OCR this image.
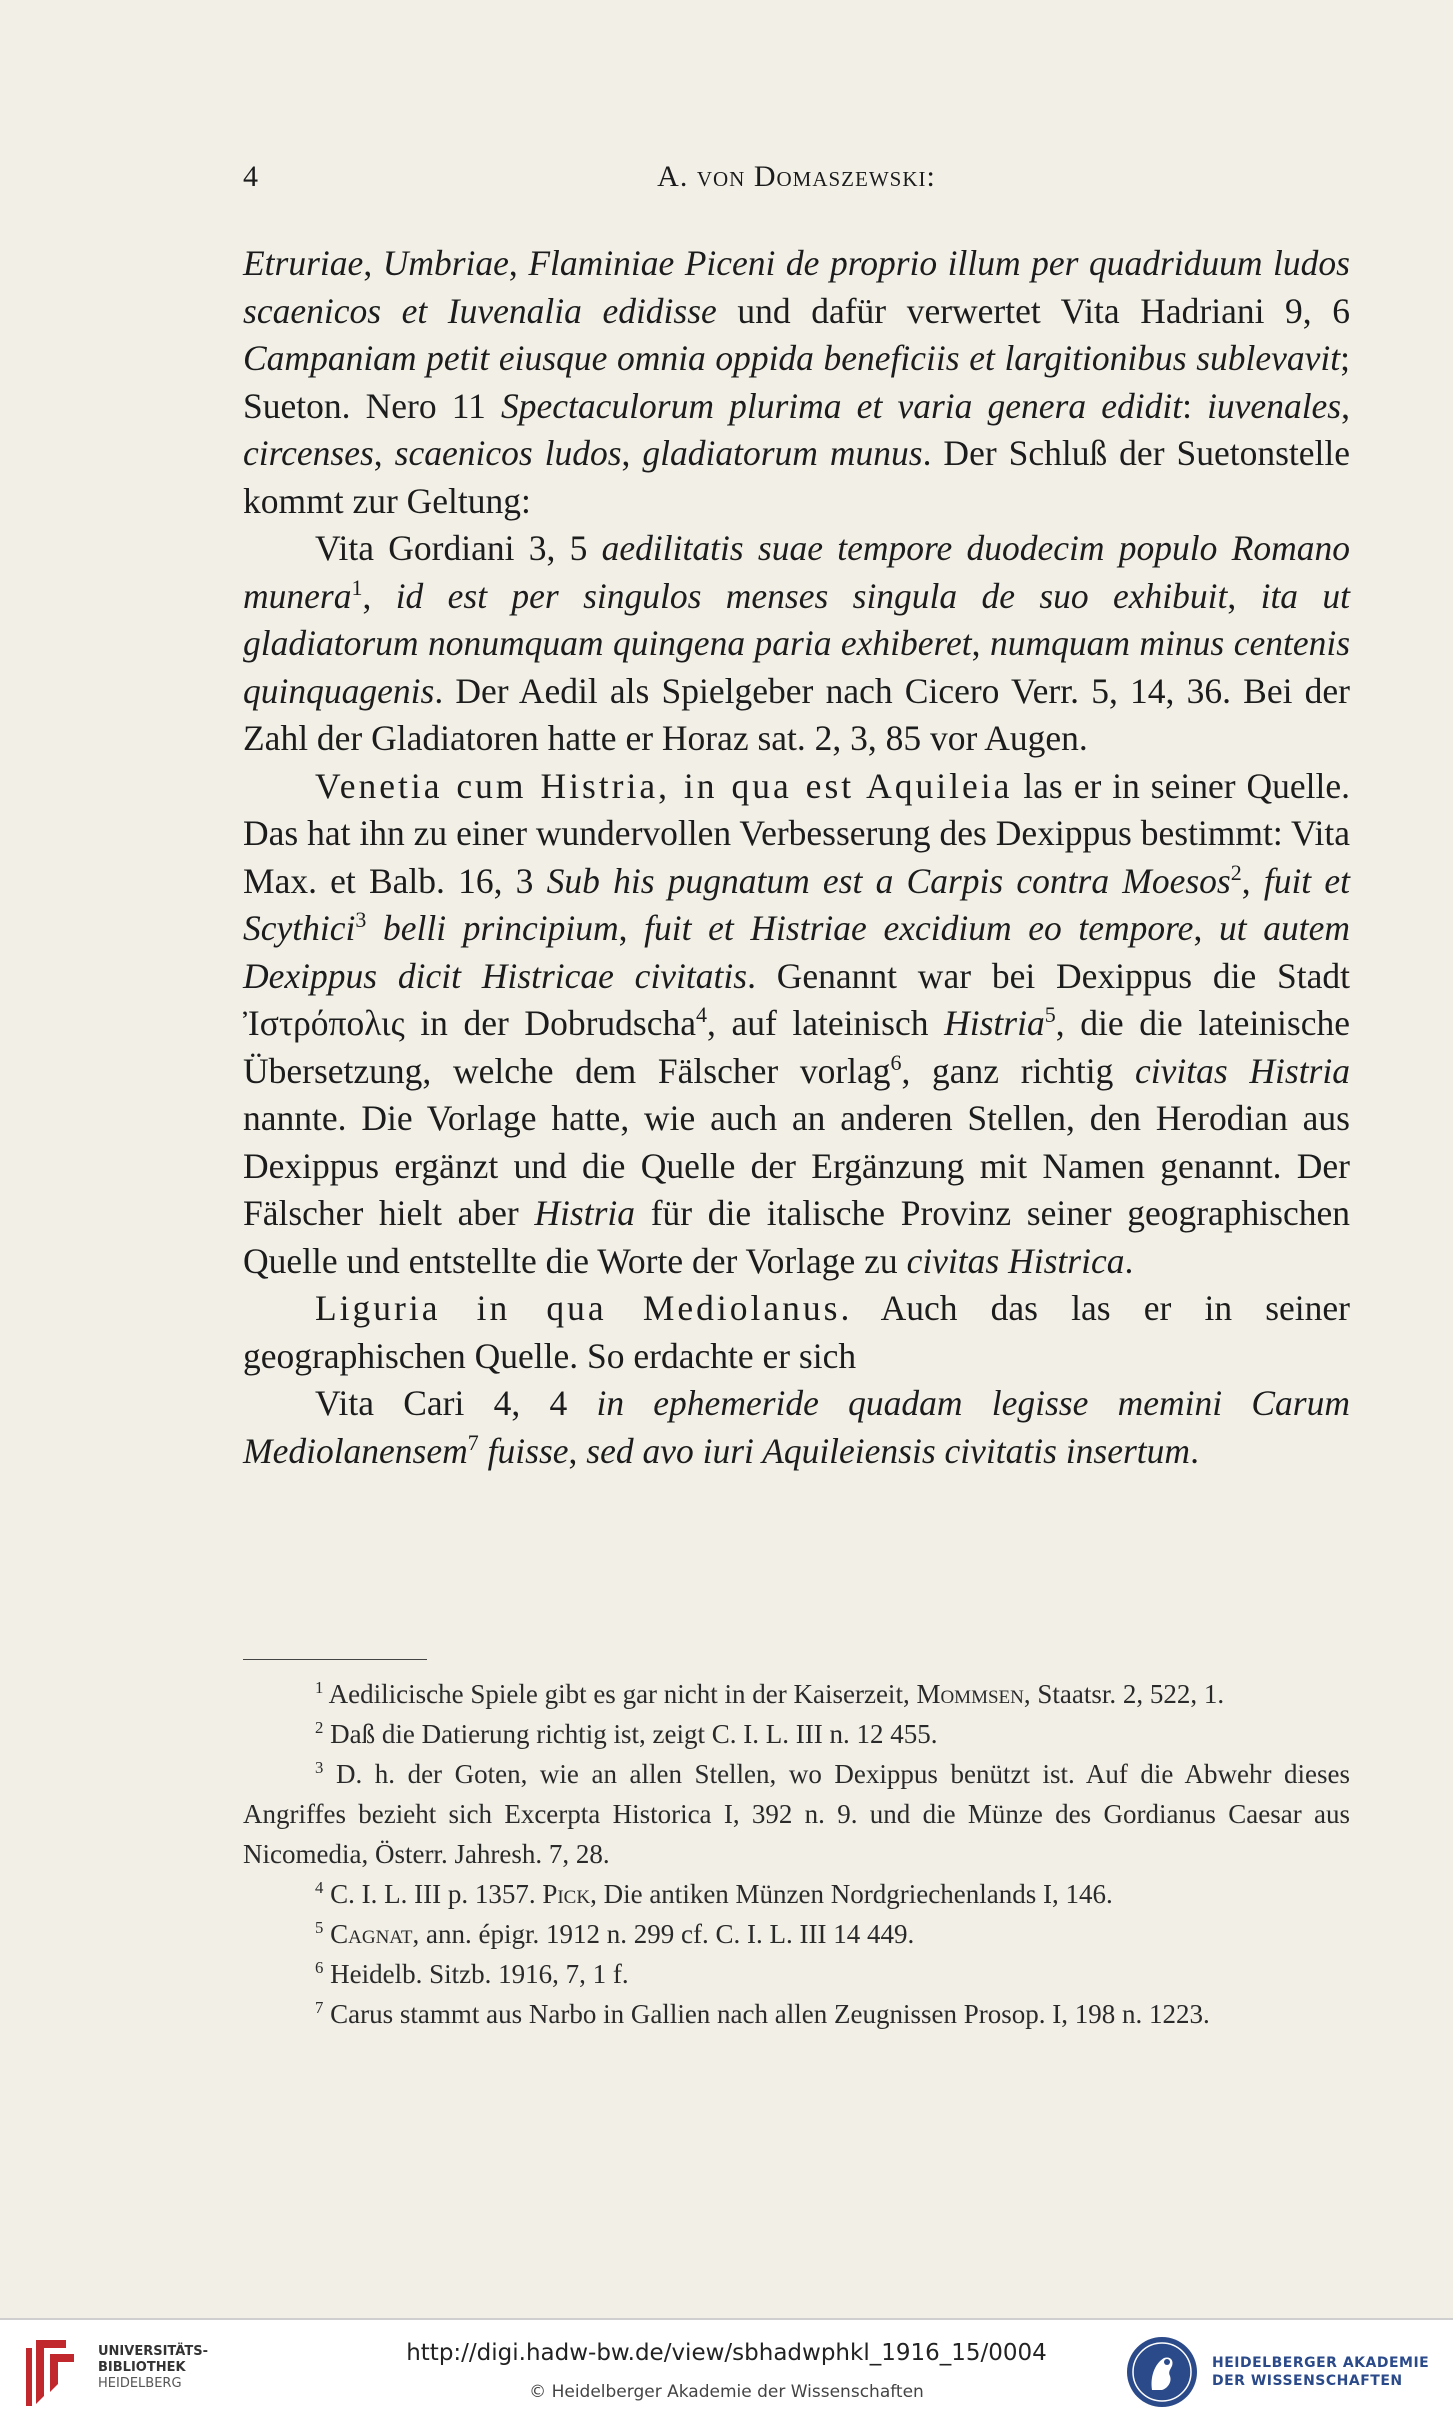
4	A. von Domaszewski:

Etruriae, Umbriae, Flaminiae Piceni de proprio illum per quadriduum ludos scaenicos et Iuvenalia edidisse und dafür verwertet Vita Hadriani 9, 6 Campaniam petit eiusque omnia oppida beneficiis et largitionibus sublevavit; Sueton. Nero 11 Spectaculorum plurima et varia genera edidit: iuvenales, circenses, scaenicos ludos, gladiatorum munus. Der Schluß der Suetonstelle kommt zur Geltung:

Vita Gordiani 3, 5 aedilitatis suae tempore duodecim populo Romano munera$^1$, id est per singulos menses singula de suo exhibuit, ita ut gladiatorum nonumquam quingena paria exhiberet, numquam minus centenis quinquagenis. Der Aedil als Spielgeber nach Cicero Verr. 5, 14, 36. Bei der Zahl der Gladiatoren hatte er Horaz sat. 2, 3, 85 vor Augen.

Venetia cum Histria, in qua est Aquileia las er in seiner Quelle. Das hat ihn zu einer wundervollen Verbesserung des Dexippus bestimmt: Vita Max. et Balb. 16, 3 Sub his pugnatum est a Carpis contra Moesos$^2$, fuit et Scythici$^3$ belli principium, fuit et Histriae excidium eo tempore, ut autem Dexippus dicit Histricae civitatis. Genannt war bei Dexippus die Stadt Ἰστρόπολις in der Dobrudscha$^4$, auf lateinisch Histria$^5$, die die lateinische Übersetzung, welche dem Fälscher vorlag$^6$, ganz richtig civitas Histria nannte. Die Vorlage hatte, wie auch an anderen Stellen, den Herodian aus Dexippus ergänzt und die Quelle der Ergänzung mit Namen genannt. Der Fälscher hielt aber Histria für die italische Provinz seiner geographischen Quelle und entstellte die Worte der Vorlage zu civitas Histrica.

Liguria in qua Mediolanus. Auch das las er in seiner geographischen Quelle. So erdachte er sich

Vita Cari 4, 4 in ephemeride quadam legisse memini Carum Mediolanensem$^7$ fuisse, sed avo iuri Aquileiensis civitatis insertum.

$^1$ Aedilicische Spiele gibt es gar nicht in der Kaiserzeit, Mommsen, Staatsr. 2, 522, 1.

$^2$ Daß die Datierung richtig ist, zeigt C. I. L. III n. 12 455.

$^3$ D. h. der Goten, wie an allen Stellen, wo Dexippus benützt ist. Auf die Abwehr dieses Angriffes bezieht sich Excerpta Historica I, 392 n. 9. und die Münze des Gordianus Caesar aus Nicomedia, Österr. Jahresh. 7, 28.

$^4$ C. I. L. III p. 1357. Pick, Die antiken Münzen Nordgriechenlands I, 146.

$^5$ Cagnat, ann. épigr. 1912 n. 299 cf. C. I. L. III 14 449.

$^6$ Heidelb. Sitzb. 1916, 7, 1 f.

$^7$ Carus stammt aus Narbo in Gallien nach allen Zeugnissen Prosop. I, 198 n. 1223.

UNIVERSITÄTS-
BIBLIOTHEK
HEIDELBERG
http://digi.hadw-bw.de/view/sbhadwphkl_1916_15/0004
© Heidelberger Akademie der Wissenschaften
HEIDELBERGER AKADEMIE
DER WISSENSCHAFTEN
